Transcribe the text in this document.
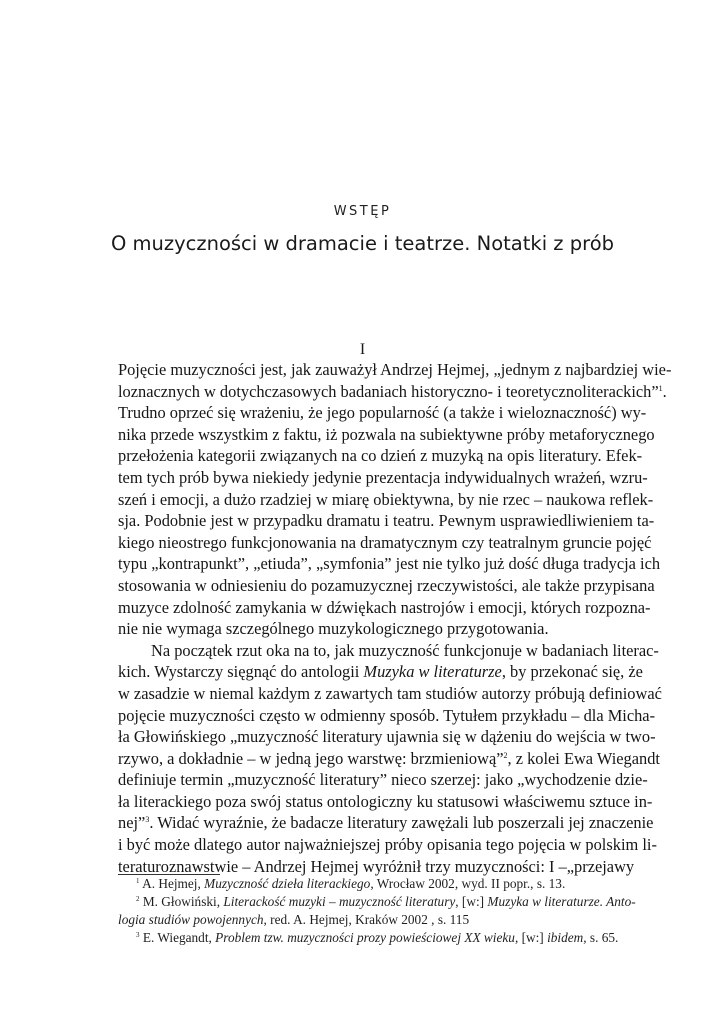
WSTĘP
O muzyczności w dramacie i teatrze. Notatki z prób
I
Pojęcie muzyczności jest, jak zauważył Andrzej Hejmej, „jednym z najbardziej wie-
loznacznych w dotychczasowych badaniach historyczno- i teoretycznoliterackich”$^1$.
Trudno oprzeć się wrażeniu, że jego popularność (a także i wieloznaczność) wy-
nika przede wszystkim z faktu, iż pozwala na subiektywne próby metaforycznego
przełożenia kategorii związanych na co dzień z muzyką na opis literatury. Efek-
tem tych prób bywa niekiedy jedynie prezentacja indywidualnych wrażeń, wzru-
szeń i emocji, a dużo rzadziej w miarę obiektywna, by nie rzec – naukowa reflek-
sja. Podobnie jest w przypadku dramatu i teatru. Pewnym usprawiedliwieniem ta-
kiego nieostrego funkcjonowania na dramatycznym czy teatralnym gruncie pojęć
typu „kontrapunkt”, „etiuda”, „symfonia” jest nie tylko już dość długa tradycja ich
stosowania w odniesieniu do pozamuzycznej rzeczywistości, ale także przypisana
muzyce zdolność zamykania w dźwiękach nastrojów i emocji, których rozpozna-
nie nie wymaga szczególnego muzykologicznego przygotowania.
Na początek rzut oka na to, jak muzyczność funkcjonuje w badaniach literac-
kich. Wystarczy sięgnąć do antologii Muzyka w literaturze, by przekonać się, że
w zasadzie w niemal każdym z zawartych tam studiów autorzy próbują definiować
pojęcie muzyczności często w odmienny sposób. Tytułem przykładu – dla Micha-
ła Głowińskiego „muzyczność literatury ujawnia się w dążeniu do wejścia w two-
rzywo, a dokładnie – w jedną jego warstwę: brzmieniową”$^2$, z kolei Ewa Wiegandt
definiuje termin „muzyczność literatury” nieco szerzej: jako „wychodzenie dzie-
ła literackiego poza swój status ontologiczny ku statusowi właściwemu sztuce in-
nej”$^3$. Widać wyraźnie, że badacze literatury zawężali lub poszerzali jej znaczenie
i być może dlatego autor najważniejszej próby opisania tego pojęcia w polskim li-
teraturoznawstwie – Andrzej Hejmej wyróżnił trzy muzyczności: I –„przejawy
$^1$ A. Hejmej, Muzyczność dzieła literackiego, Wrocław 2002, wyd. II popr., s. 13.
$^2$ M. Głowiński, Literackość muzyki – muzyczność literatury, [w:] Muzyka w literaturze. Anto-
logia studiów powojennych, red. A. Hejmej, Kraków 2002 , s. 115
$^3$ E. Wiegandt, Problem tzw. muzyczności prozy powieściowej XX wieku, [w:] ibidem, s. 65.
